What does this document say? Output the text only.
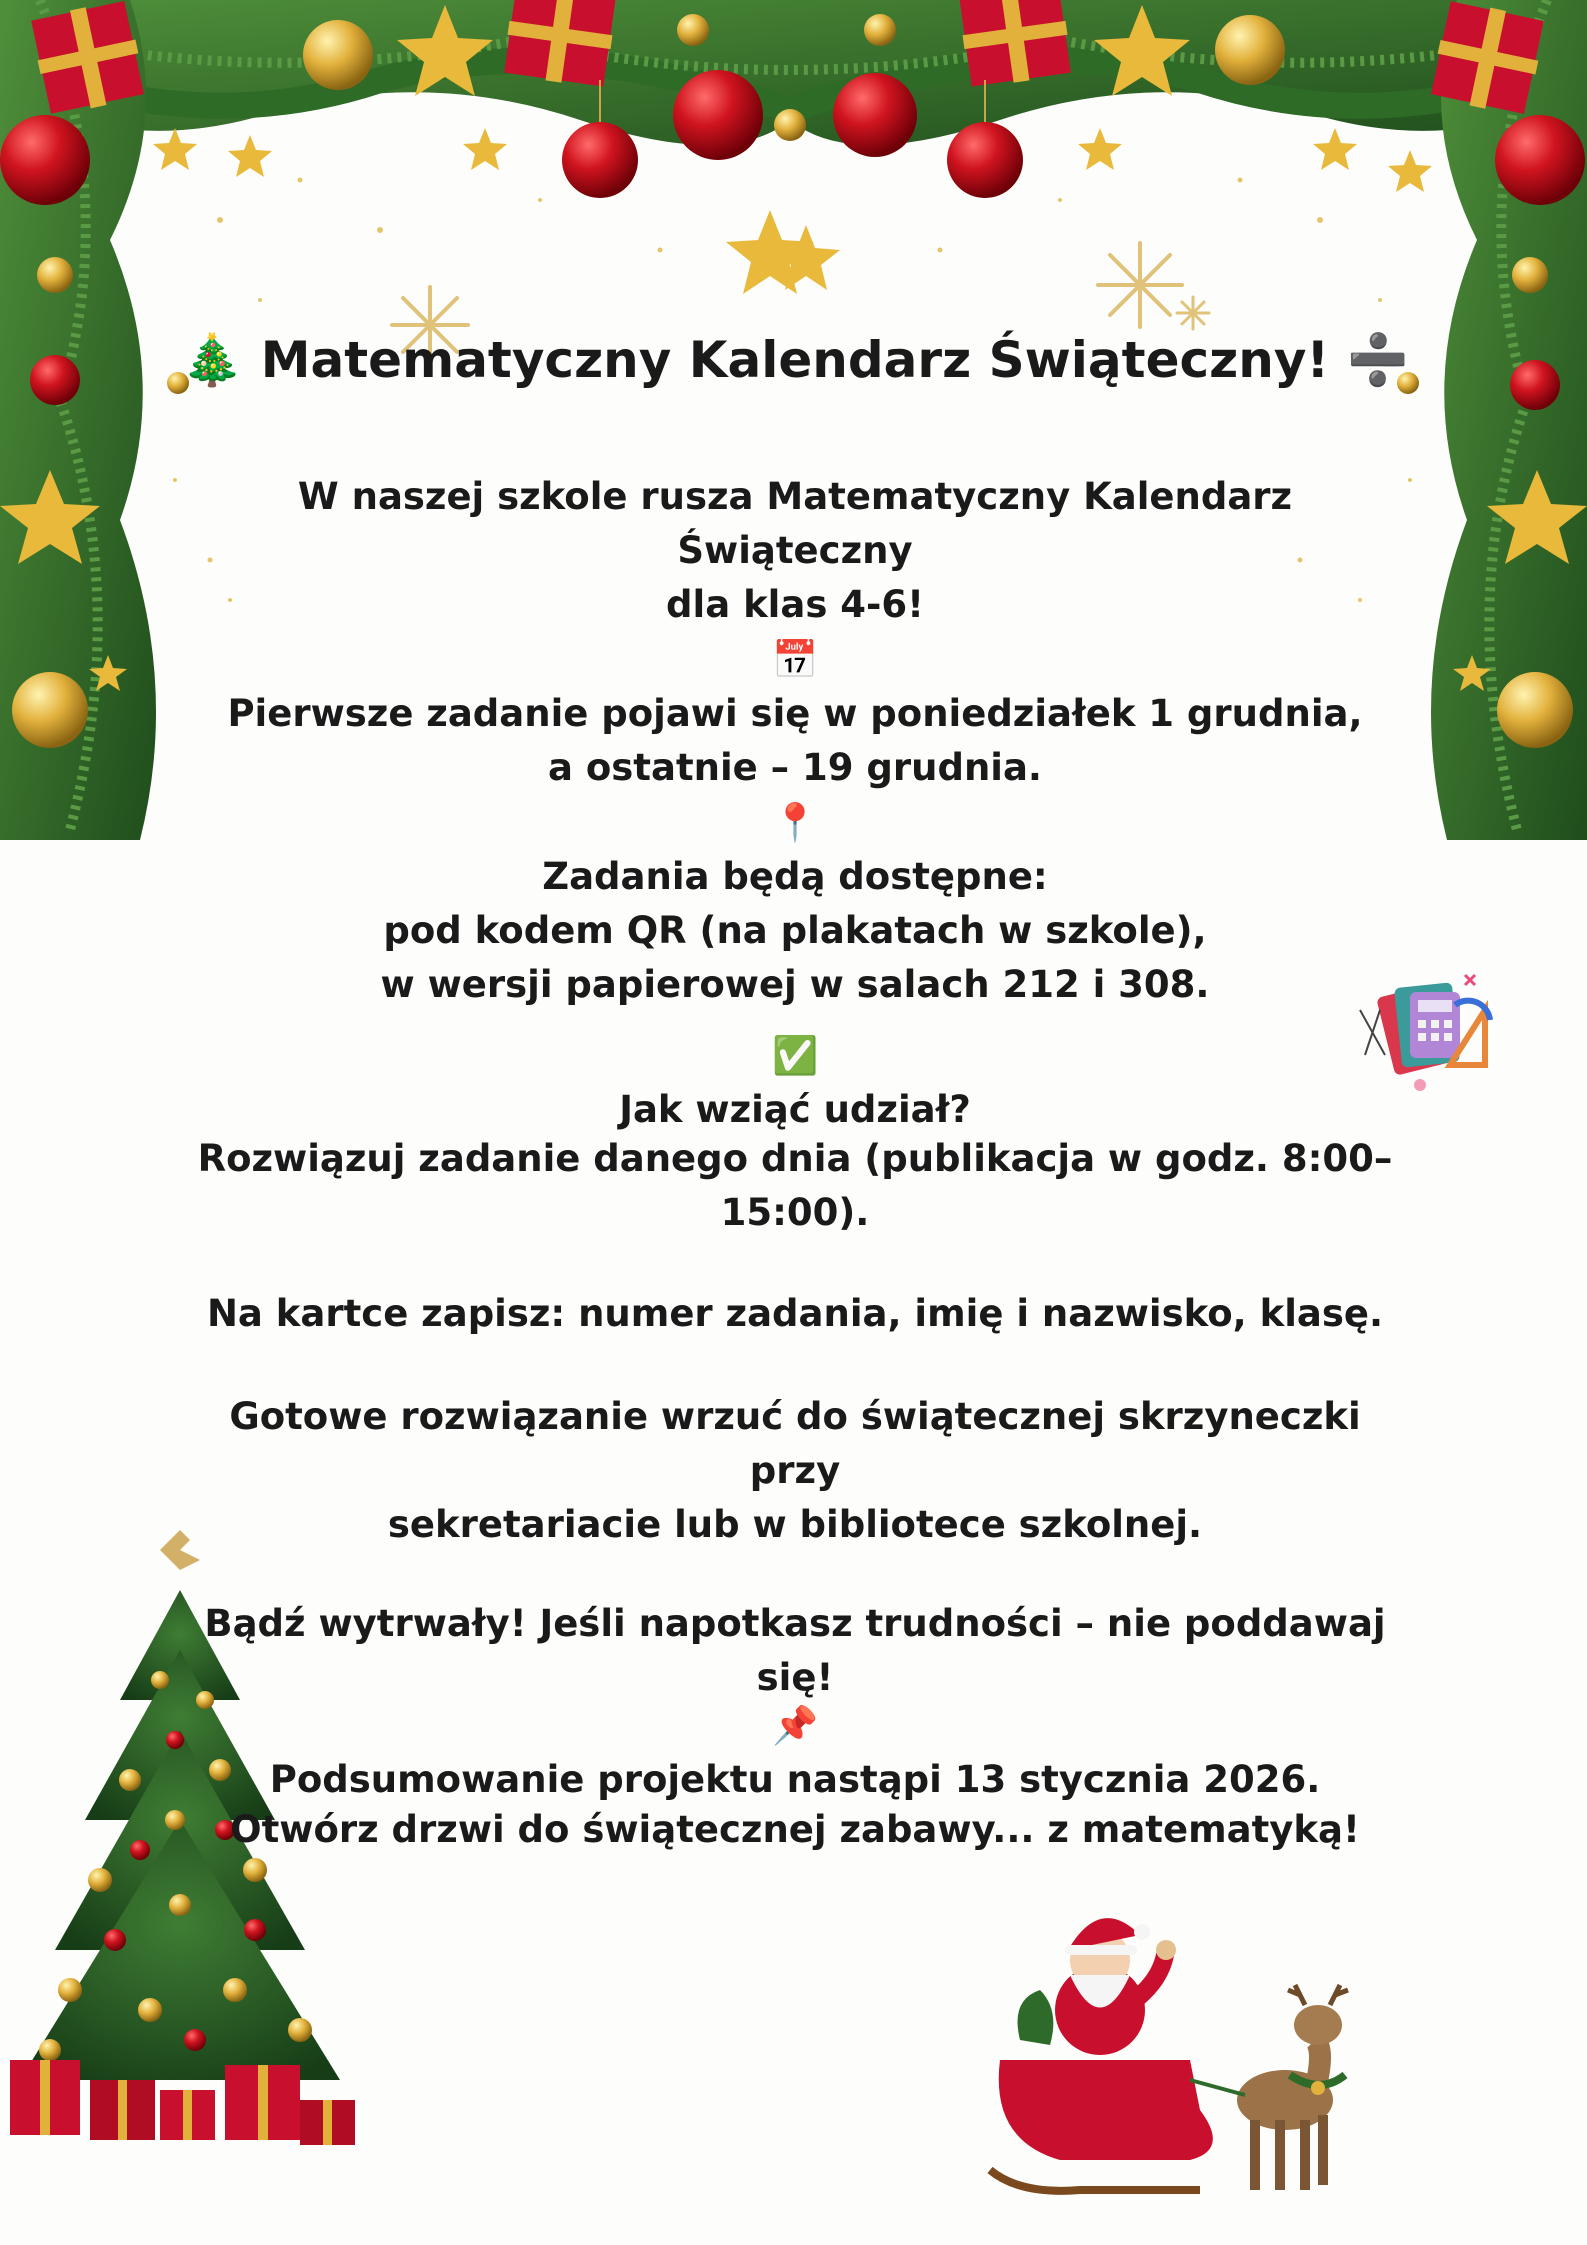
🎄 Matematyczny Kalendarz Świąteczny! ➗

W naszej szkole rusza Matematyczny Kalendarz Świąteczny
dla klas 4-6!

📅
Pierwsze zadanie pojawi się w poniedziałek 1 grudnia,
a ostatnie – 19 grudnia.

📍
Zadania będą dostępne:
pod kodem QR (na plakatach w szkole),
w wersji papierowej w salach 212 i 308.

✅
Jak wziąć udział?

Rozwiązuj zadanie danego dnia (publikacja w godz. 8:00–
15:00).

Na kartce zapisz: numer zadania, imię i nazwisko, klasę.

Gotowe rozwiązanie wrzuć do świątecznej skrzyneczki przy
sekretariacie lub w bibliotece szkolnej.

Bądź wytrwały! Jeśli napotkasz trudności – nie poddawaj się!

📌
Podsumowanie projektu nastąpi 13 stycznia 2026.

Otwórz drzwi do świątecznej zabawy... z matematyką!
